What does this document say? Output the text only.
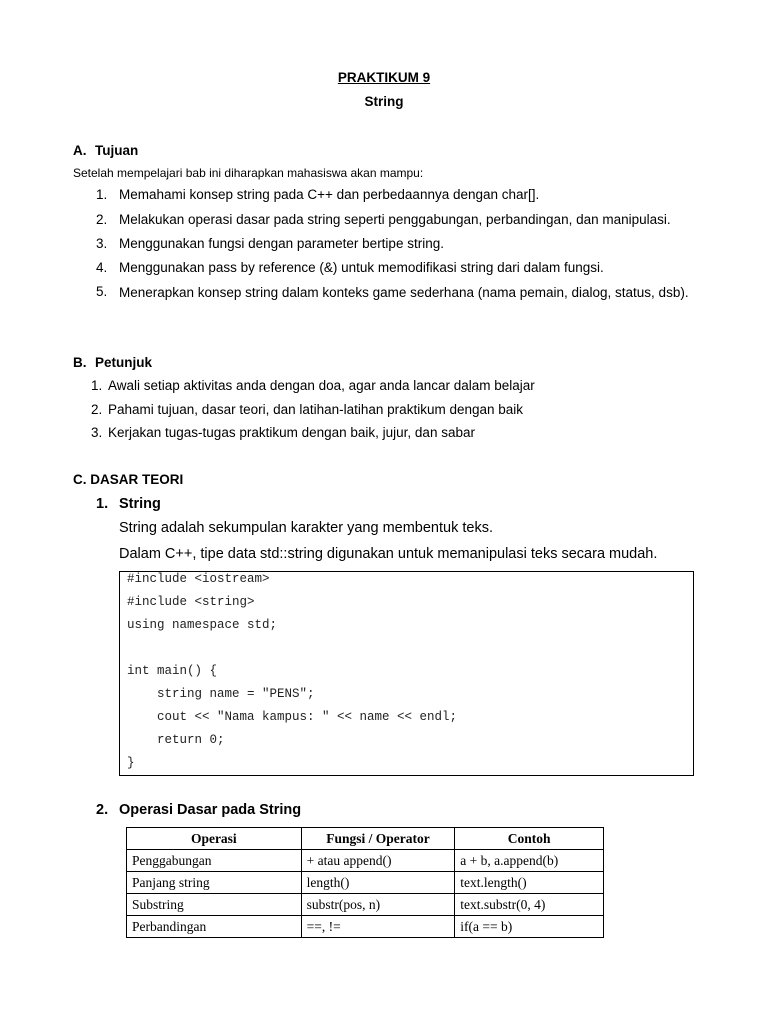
PRAKTIKUM 9
String
A. Tujuan
Setelah mempelajari bab ini diharapkan mahasiswa akan mampu:
1. Memahami konsep string pada C++ dan perbedaannya dengan char[].
2. Melakukan operasi dasar pada string seperti penggabungan, perbandingan, dan manipulasi.
3. Menggunakan fungsi dengan parameter bertipe string.
4. Menggunakan pass by reference (&) untuk memodifikasi string dari dalam fungsi.
5. Menerapkan konsep string dalam konteks game sederhana (nama pemain, dialog, status, dsb).
B. Petunjuk
1. Awali setiap aktivitas anda dengan doa, agar anda lancar dalam belajar
2. Pahami tujuan, dasar teori, dan latihan-latihan praktikum dengan baik
3. Kerjakan tugas-tugas praktikum dengan baik, jujur, dan sabar
C. DASAR TEORI
1. String
String adalah sekumpulan karakter yang membentuk teks.
Dalam C++, tipe data std::string digunakan untuk memanipulasi teks secara mudah.
#include <iostream>
#include <string>
using namespace std;
int main() {
string name = "PENS";
cout << "Nama kampus: " << name << endl;
return 0;
}
2. Operasi Dasar pada String
Operasi	Fungsi / Operator	Contoh
Penggabungan	+ atau append()	a + b, a.append(b)
Panjang string	length()	text.length()
Substring	substr(pos, n)	text.substr(0, 4)
Perbandingan	==, !=	if(a == b)
